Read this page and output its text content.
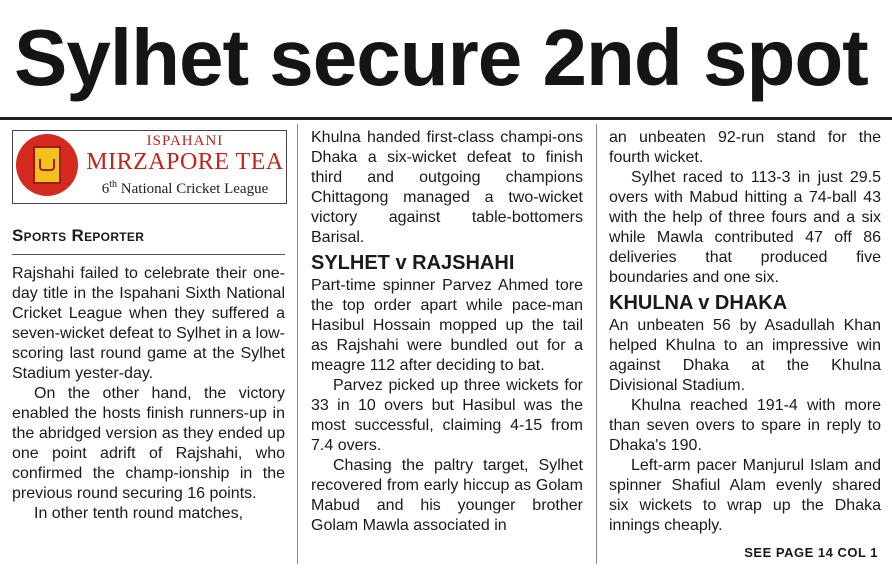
Sylhet secure 2nd spot
ISPAHANI
MIRZAPORE TEA
6th National Cricket League
Sports Reporter

Rajshahi failed to celebrate their one-day title in the Ispahani Sixth National Cricket League when they suffered a seven-wicket defeat to Sylhet in a low-scoring last round game at the Sylhet Stadium yester-day.

On the other hand, the victory enabled the hosts finish runners-up in the abridged version as they ended up one point adrift of Rajshahi, who confirmed the champ-ionship in the previous round securing 16 points.

In other tenth round matches,

Khulna handed first-class champi-ons Dhaka a six-wicket defeat to finish third and outgoing champions Chittagong managed a two-wicket victory against table-bottomers Barisal.

SYLHET v RAJSHAHI

Part-time spinner Parvez Ahmed tore the top order apart while pace-man Hasibul Hossain mopped up the tail as Rajshahi were bundled out for a meagre 112 after deciding to bat.

Parvez picked up three wickets for 33 in 10 overs but Hasibul was the most successful, claiming 4-15 from 7.4 overs.

Chasing the paltry target, Sylhet recovered from early hiccup as Golam Mabud and his younger brother Golam Mawla associated in

an unbeaten 92-run stand for the fourth wicket.

Sylhet raced to 113-3 in just 29.5 overs with Mabud hitting a 74-ball 43 with the help of three fours and a six while Mawla contributed 47 off 86 deliveries that produced five boundaries and one six.

KHULNA v DHAKA

An unbeaten 56 by Asadullah Khan helped Khulna to an impressive win against Dhaka at the Khulna Divisional Stadium.

Khulna reached 191-4 with more than seven overs to spare in reply to Dhaka's 190.

Left-arm pacer Manjurul Islam and spinner Shafiul Alam evenly shared six wickets to wrap up the Dhaka innings cheaply.

SEE PAGE 14 COL 1
